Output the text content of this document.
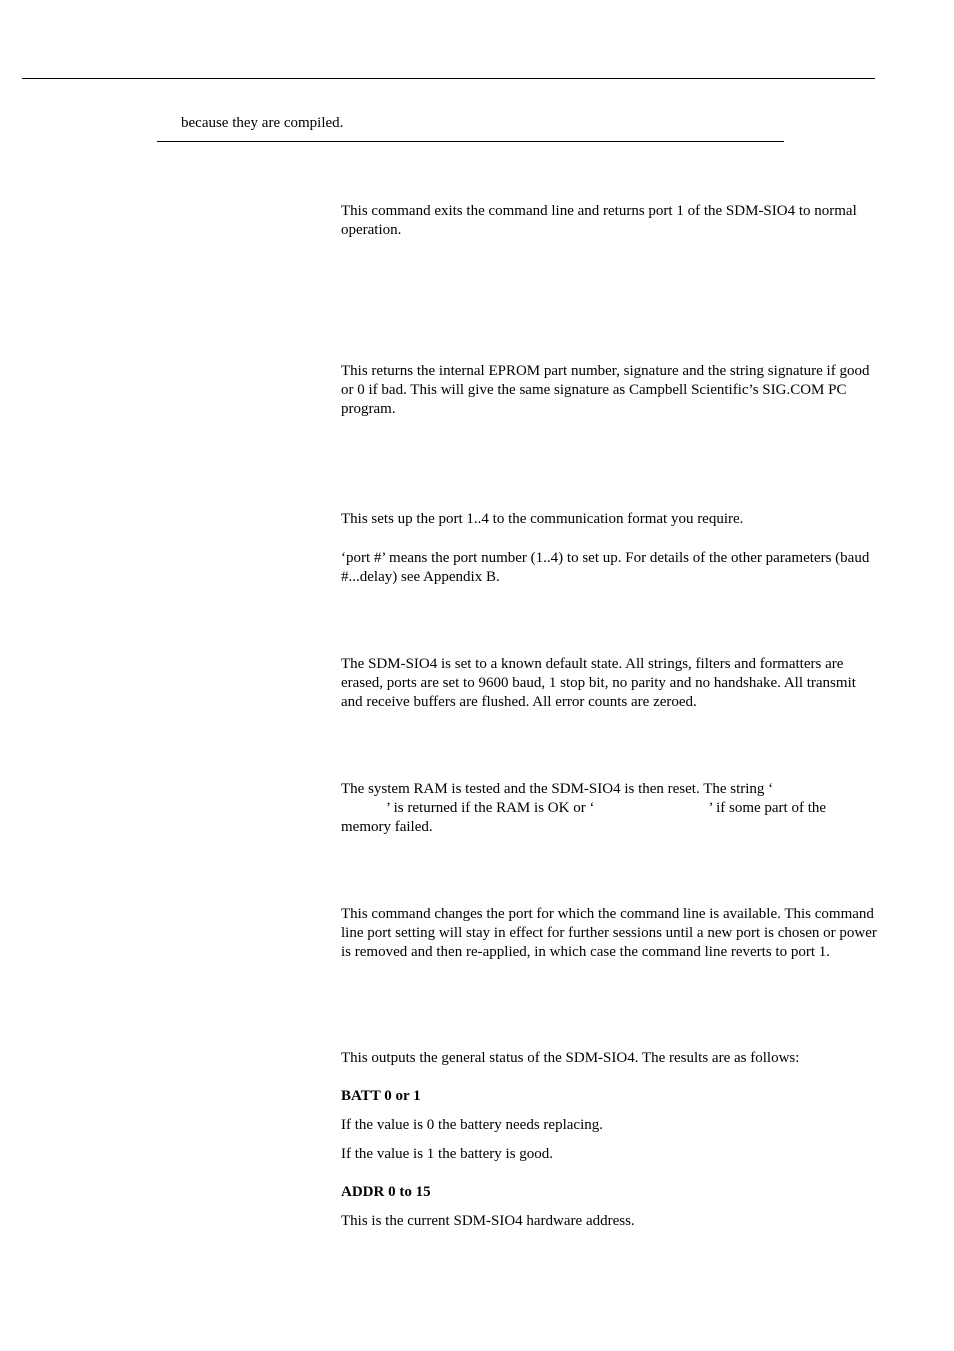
because they are compiled.

This command exits the command line and returns port 1 of the SDM-SIO4 to normal operation.

This returns the internal EPROM part number, signature and the string signature if good or 0 if bad. This will give the same signature as Campbell Scientific’s SIG.COM PC program.

This sets up the port 1..4 to the communication format you require.

‘port #’ means the port number (1..4) to set up. For details of the other parameters (baud #...delay) see Appendix B.

The SDM-SIO4 is set to a known default state. All strings, filters and formatters are erased, ports are set to 9600 baud, 1 stop bit, no parity and no handshake. All transmit and receive buffers are flushed. All error counts are zeroed.

The system RAM is tested and the SDM-SIO4 is then reset. The string ‘
’ is returned if the RAM is OK or ‘	’ if some part of the
memory failed.

This command changes the port for which the command line is available. This command line port setting will stay in effect for further sessions until a new port is chosen or power is removed and then re-applied, in which case the command line reverts to port 1.

This outputs the general status of the SDM-SIO4. The results are as follows:

BATT 0 or 1

If the value is 0 the battery needs replacing.

If the value is 1 the battery is good.

ADDR 0 to 15

This is the current SDM-SIO4 hardware address.
